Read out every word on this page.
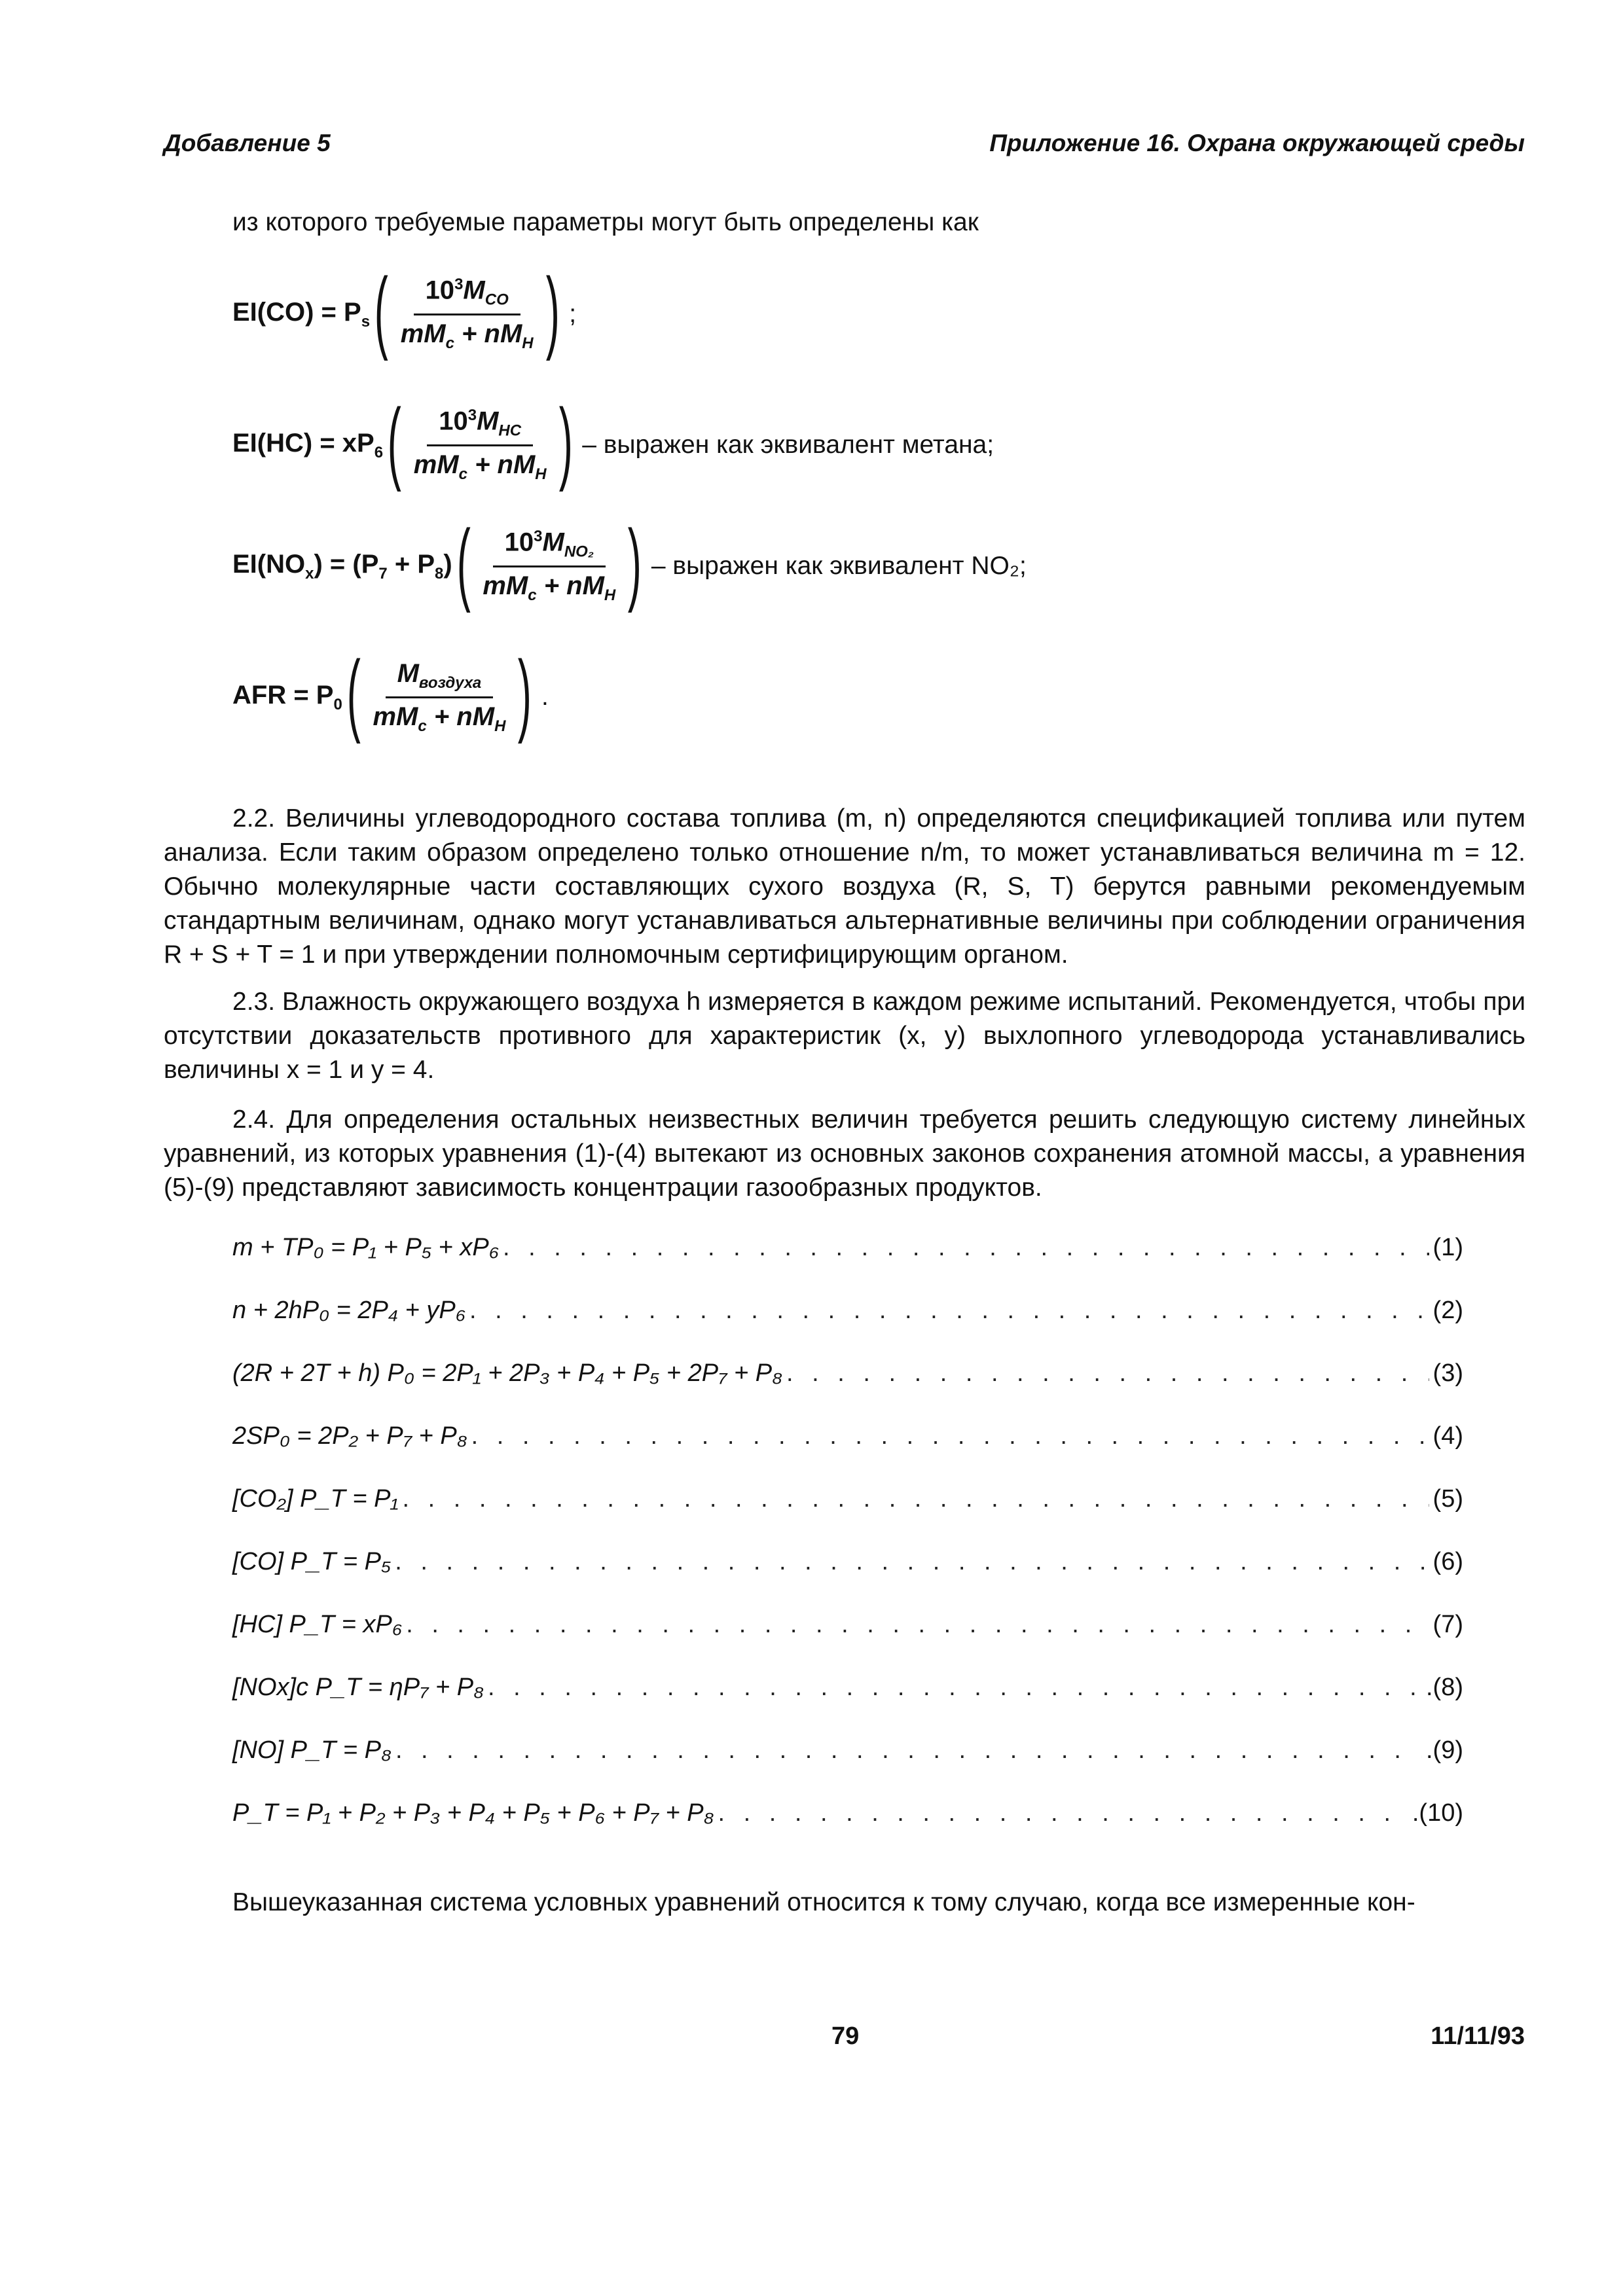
Добавление 5	Приложение 16. Охрана окружающей среды
из которого требуемые параметры могут быть определены как
$EI(CO) = P_s$ ( $\frac{10^3M_{CO}}{mM_c + nM_H}$ ) ;
$EI(HC) = xP_6$ ( $\frac{10^3M_{HC}}{mM_c + nM_H}$ ) – выражен как эквивалент метана;
$EI(NO_x) = (P_7 + P_8)$ ( $\frac{10^3M_{NO_2}}{mM_c + nM_H}$ ) – выражен как эквивалент NO₂;
AFR = $P_0$ ( $\frac{M_{воздуха}}{mM_c + nM_H}$ ) .

2.2. Величины углеводородного состава топлива (m, n) определяются спецификацией топлива или путем анализа. Если таким образом определено только отношение n/m, то может устанавливаться величина m = 12. Обычно молекулярные части составляющих сухого воздуха (R, S, T) берутся равными рекомендуемым стандартным величинам, однако могут устанавливаться альтернативные величины при соблюдении ограничения R + S + T = 1 и при утверждении полномочным сертифицирующим органом.

2.3. Влажность окружающего воздуха h измеряется в каждом режиме испытаний. Рекомендуется, чтобы при отсутствии доказательств противного для характеристик (x, y) выхлопного углеводорода устанавливались величины x = 1 и y = 4.

2.4. Для определения остальных неизвестных величин требуется решить следующую систему линейных уравнений, из которых уравнения (1)-(4) вытекают из основных законов сохранения атомной массы, а уравнения (5)-(9) представляют зависимость концентрации газообразных продуктов.

m + TP₀ = P₁ + P₅ + xP₆ . . .	(1)
n + 2hP₀ = 2P₄ + yP₆ . . .	(2)
(2R + 2T + h) P₀ = 2P₁ + 2P₃ + P₄ + P₅ + 2P₇ + P₈ . . .	(3)
2SP₀ = 2P₂ + P₇ + P₈ . . .	(4)
[CO₂] P_T = P₁ . . .	(5)
[CO] P_T = P₅ . . .	(6)
[HC] P_T = xP₆ . . .	(7)
[NOx]c P_T = ηP₇ + P₈ . . .	.(8)
[NO] P_T = P₈ . . .	.(9)
P_T = P₁ + P₂ + P₃ + P₄ + P₅ + P₆ + P₇ + P₈ . . .	.(10)
Вышеуказанная система условных уравнений относится к тому случаю, когда все измеренные кон-
79	11/11/93
